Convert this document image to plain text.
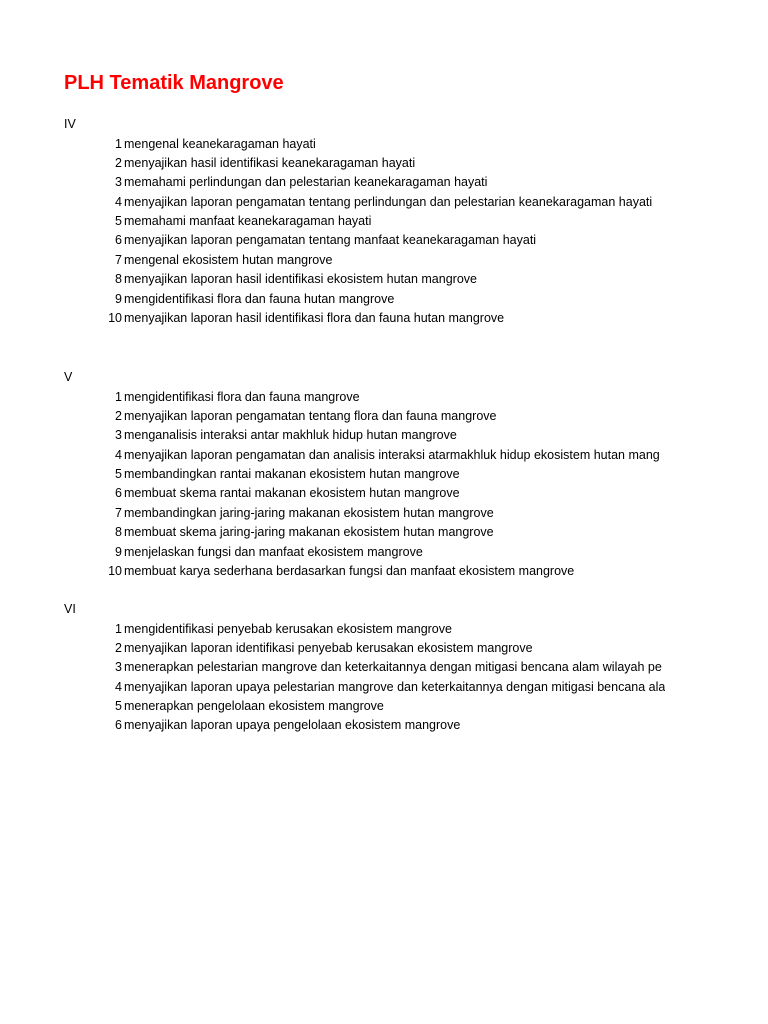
PLH Tematik Mangrove
IV
1 mengenal keanekaragaman hayati
2 menyajikan hasil identifikasi keanekaragaman hayati
3 memahami perlindungan dan pelestarian keanekaragaman hayati
4 menyajikan laporan pengamatan tentang perlindungan dan pelestarian keanekaragaman hayati
5 memahami manfaat keanekaragaman hayati
6 menyajikan laporan pengamatan tentang manfaat keanekaragaman hayati
7 mengenal ekosistem hutan mangrove
8 menyajikan laporan hasil identifikasi ekosistem hutan mangrove
9 mengidentifikasi flora dan fauna hutan mangrove
10 menyajikan laporan hasil identifikasi flora dan fauna hutan mangrove
V
1 mengidentifikasi flora dan fauna mangrove
2 menyajikan laporan pengamatan tentang flora dan fauna mangrove
3 menganalisis interaksi antar makhluk hidup hutan mangrove
4 menyajikan laporan pengamatan dan analisis interaksi atarmakhluk hidup ekosistem hutan mang
5 membandingkan rantai makanan ekosistem hutan mangrove
6 membuat skema rantai makanan ekosistem hutan mangrove
7 membandingkan jaring-jaring makanan ekosistem hutan mangrove
8 membuat skema jaring-jaring makanan ekosistem hutan mangrove
9 menjelaskan fungsi dan manfaat ekosistem mangrove
10 membuat karya sederhana berdasarkan fungsi dan manfaat ekosistem mangrove
VI
1 mengidentifikasi penyebab kerusakan ekosistem mangrove
2 menyajikan laporan identifikasi penyebab kerusakan ekosistem mangrove
3 menerapkan pelestarian mangrove dan keterkaitannya dengan mitigasi bencana alam wilayah pe
4 menyajikan laporan upaya pelestarian mangrove dan keterkaitannya dengan mitigasi bencana ala
5 menerapkan pengelolaan ekosistem mangrove
6 menyajikan laporan upaya pengelolaan ekosistem mangrove
